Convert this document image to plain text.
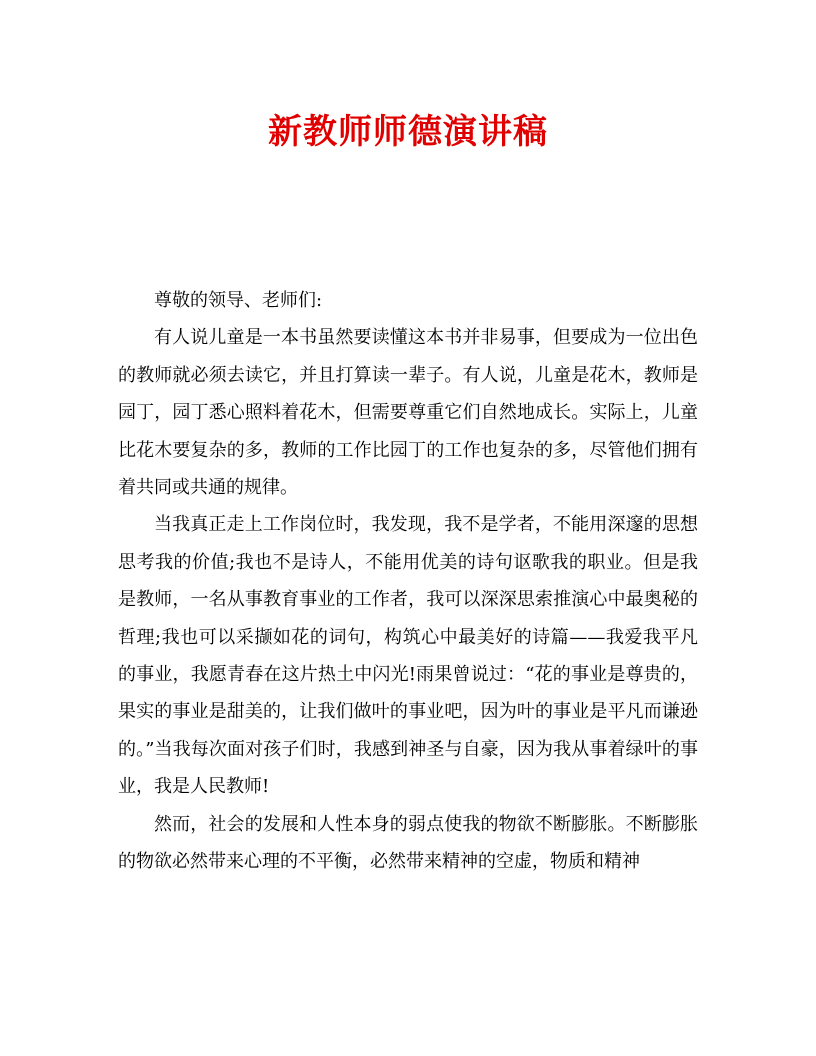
新教师师德演讲稿

尊敬的领导、老师们:

有人说儿童是一本书虽然要读懂这本书并非易事，但要成为一位出色的教师就必须去读它，并且打算读一辈子。有人说，儿童是花木，教师是园丁，园丁悉心照料着花木，但需要尊重它们自然地成长。实际上，儿童比花木要复杂的多，教师的工作比园丁的工作也复杂的多，尽管他们拥有着共同或共通的规律。

当我真正走上工作岗位时，我发现，我不是学者，不能用深邃的思想思考我的价值;我也不是诗人，不能用优美的诗句讴歌我的职业。但是我是教师，一名从事教育事业的工作者，我可以深深思索推演心中最奥秘的哲理;我也可以采撷如花的词句，构筑心中最美好的诗篇——我爱我平凡的事业，我愿青春在这片热土中闪光!雨果曾说过：“花的事业是尊贵的，果实的事业是甜美的，让我们做叶的事业吧，因为叶的事业是平凡而谦逊的。”当我每次面对孩子们时，我感到神圣与自豪，因为我从事着绿叶的事业，我是人民教师!

然而，社会的发展和人性本身的弱点使我的物欲不断膨胀。不断膨胀的物欲必然带来心理的不平衡，必然带来精神的空虚，物质和精神
